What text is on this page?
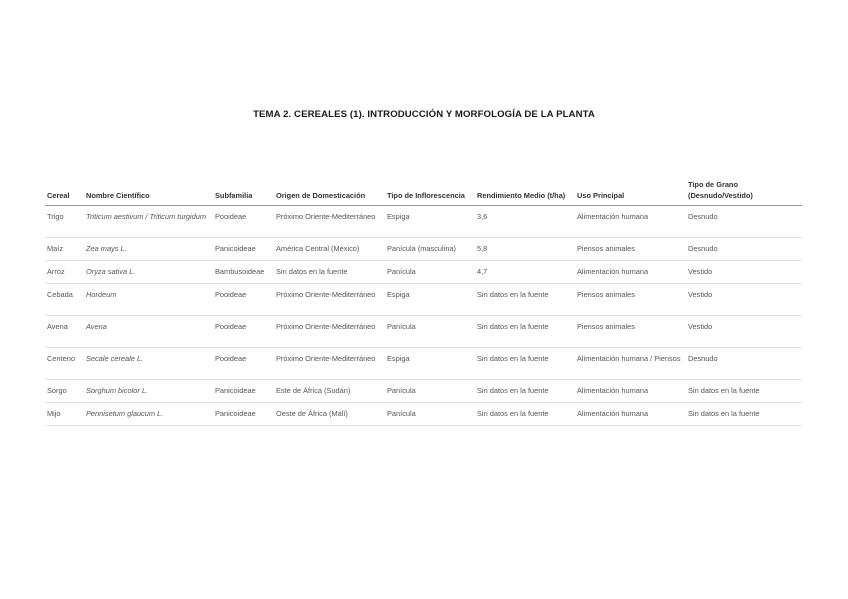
TEMA 2. CEREALES (1). INTRODUCCIÓN Y MORFOLOGÍA DE LA PLANTA
Cereal	Nombre Científico	Subfamilia	Origen de Domesticación	Tipo de Inflorescencia	Rendimiento Medio (t/ha)	Uso Principal	Tipo de Grano (Desnudo/Vestido)
Trigo	Triticum aestivum / Triticum turgidum	Pooideae	Próximo Oriente-Mediterráneo	Espiga	3,6	Alimentación humana	Desnudo
Maíz	Zea mays L.	Panicoideae	América Central (México)	Panícula (masculina)	5,8	Piensos animales	Desnudo
Arroz	Oryza sativa L.	Bambusoideae	Sin datos en la fuente	Panícula	4,7	Alimentación humana	Vestido
Cebada	Hordeum	Pooideae	Próximo Oriente-Mediterráneo	Espiga	Sin datos en la fuente	Piensos animales	Vestido
Avena	Avena	Pooideae	Próximo Oriente-Mediterráneo	Panícula	Sin datos en la fuente	Piensos animales	Vestido
Centeno	Secale cereale L.	Pooideae	Próximo Oriente-Mediterráneo	Espiga	Sin datos en la fuente	Alimentación humana / Piensos	Desnudo
Sorgo	Sorghum bicolor L.	Panicoideae	Este de África (Sudán)	Panícula	Sin datos en la fuente	Alimentación humana	Sin datos en la fuente
Mijo	Pennisetum glaucum L.	Panicoideae	Oeste de África (Malí)	Panícula	Sin datos en la fuente	Alimentación humana	Sin datos en la fuente
